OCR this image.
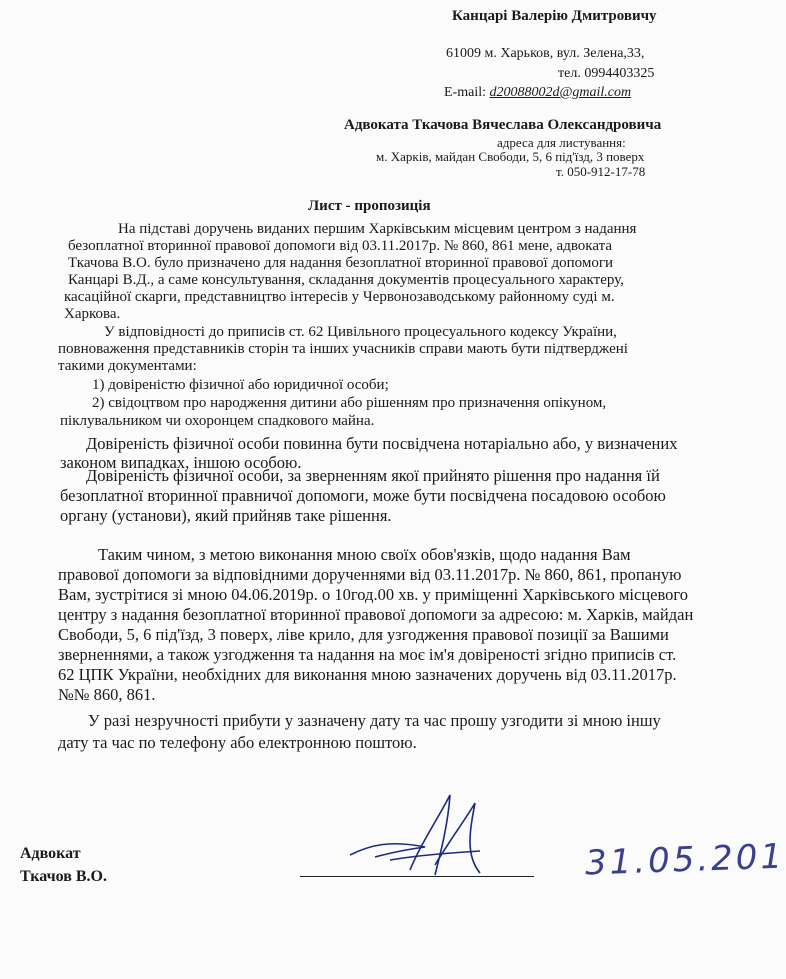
Канцарі Валерію Дмитровичу
61009 м. Харьков, вул. Зелена,33,
тел. 0994403325
E-mail: d20088002d@gmail.com
Адвоката Ткачова Вячеслава Олександровича
адреса для листування:
м. Харків, майдан Свободи, 5, 6 під'їзд, 3 поверх
т. 050-912-17-78
Лист - пропозиція
На підставі доручень виданих першим Харківським місцевим центром з надання
безоплатної вторинної правової допомоги від 03.11.2017р. № 860, 861 мене, адвоката
Ткачова В.О. було призначено для надання безоплатної вторинної правової допомоги
Канцарі В.Д., а саме консультування, складання документів процесуального характеру,
касаційної скарги, представництво інтересів у Червонозаводському районному суді м.
Харкова.
У відповідності до приписів ст. 62 Цивільного процесуального кодексу України,
повноваження представників сторін та інших учасників справи мають бути підтверджені
такими документами:
1) довіреністю фізичної або юридичної особи;
2) свідоцтвом про народження дитини або рішенням про призначення опікуном,
піклувальником чи охоронцем спадкового майна.
Довіреність фізичної особи повинна бути посвідчена нотаріально або, у визначених
законом випадках, іншою особою.
Довіреність фізичної особи, за зверненням якої прийнято рішення про надання їй
безоплатної вторинної правничої допомоги, може бути посвідчена посадовою особою
органу (установи), який прийняв таке рішення.
Таким чином, з метою виконання мною своїх обов'язків, щодо надання Вам
правової допомоги за відповідними дорученнями від 03.11.2017р. № 860, 861, пропаную
Вам, зустрітися зі мною 04.06.2019р. о 10год.00 хв. у приміщенні Харківського місцевого
центру з надання безоплатної вторинної правової допомоги за адресою: м. Харків, майдан
Свободи, 5, 6 під'їзд, 3 поверх, ліве крило, для узгодження правової позиції за Вашими
зверненнями, а також узгодження та надання на моє ім'я довіреності згідно приписів ст.
62 ЦПК України, необхідних для виконання мною зазначених доручень від 03.11.2017р.
№№ 860, 861.
У разі незручності прибути у зазначену дату та час прошу узгодити зі мною іншу
дату та час по телефону або електронною поштою.
Адвокат
Ткачов В.О.	31.05.201
